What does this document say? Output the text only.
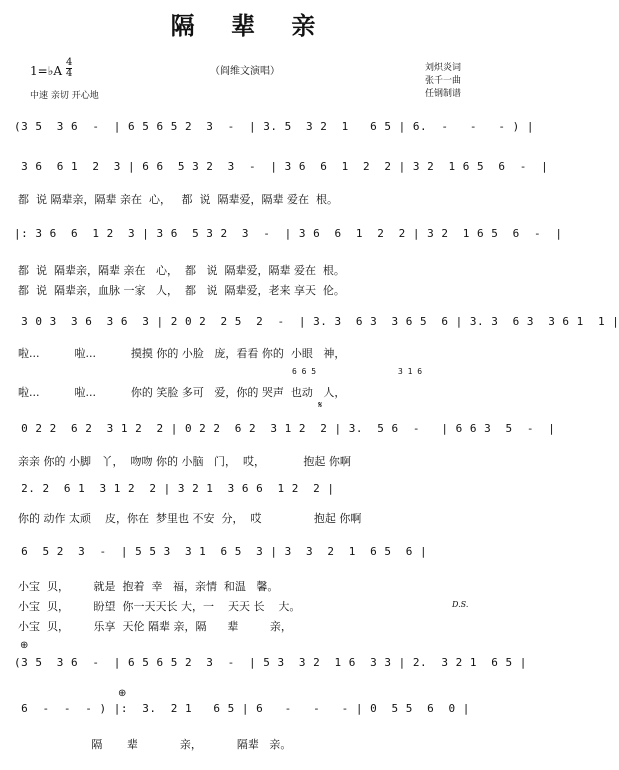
隔 辈 亲
1=♭A
4
4
中速 亲切 开心地
（阎维文演唱）	刘炽炎词
张千一曲
任钢制谱
(3 5  3 6  -  | 6 5 6 5 2  3  -  | 3. 5  3 2  1   6 5 | 6.  -   -   - ) |
3 6  6 1  2  3 | 6 6  5 3 2  3  -  | 3 6  6  1  2  2 | 3 2  1 6 5  6  -  |
都  说 隔辈亲，隔辈 亲在  心，   都  说  隔辈爱，隔辈 爱在  根。
|: 3 6  6  1 2  3 | 3 6  5 3 2  3  -  | 3 6  6  1  2  2 | 3 2  1 6 5  6  -  |
都  说  隔辈亲，隔辈 亲在   心，  都   说  隔辈爱，隔辈 爱在  根。
都  说  隔辈亲，血脉 一家   人，  都   说  隔辈爱，老来 享天  伦。
3 0 3  3 6  3 6  3 | 2 0 2  2 5  2  -  | 3. 3  6 3  3 6 5  6 | 3. 3  6 3  3 6 1  1 |
啦...          啦...          摸摸 你的 小脸   庞，看看 你的  小眼   神，
6 6 5                 3 1 6
啦...          啦...          你的 笑脸 多可   爱，你的 哭声  也动   人，
𝄋
0 2 2  6 2  3 1 2  2 | 0 2 2  6 2  3 1 2  2 | 3.  5 6  -   | 6 6 3  5  -  |
亲亲 你的 小脚   丫，  吻吻 你的 小脑   门，  哎，           抱起 你啊
2. 2  6 1  3 1 2  2 | 3 2 1  3 6 6  1 2  2 |
你的 动作 太顽    皮，你在  梦里也 不安  分，  哎               抱起 你啊
6  5 2  3  -  | 5 5 3  3 1  6 5  3 | 3  3  2  1  6 5  6 |
小宝  贝，       就是  抱着  幸   福，亲情  和温   馨。
小宝  贝，       盼望  你一天天长 大，一    天天 长    大。	D.S.
小宝  贝，       乐享  天伦 隔辈 亲，隔      辈         亲，
⊕
(3 5  3 6  -  | 6 5 6 5 2  3  -  | 5 3  3 2  1 6  3 3 | 2.  3 2 1  6 5 |
⊕
6  -  -  - ) |:  3.  2 1   6 5 | 6   -   -   - | 0  5 5  6  0 |
隔       辈            亲，          隔辈   亲。
